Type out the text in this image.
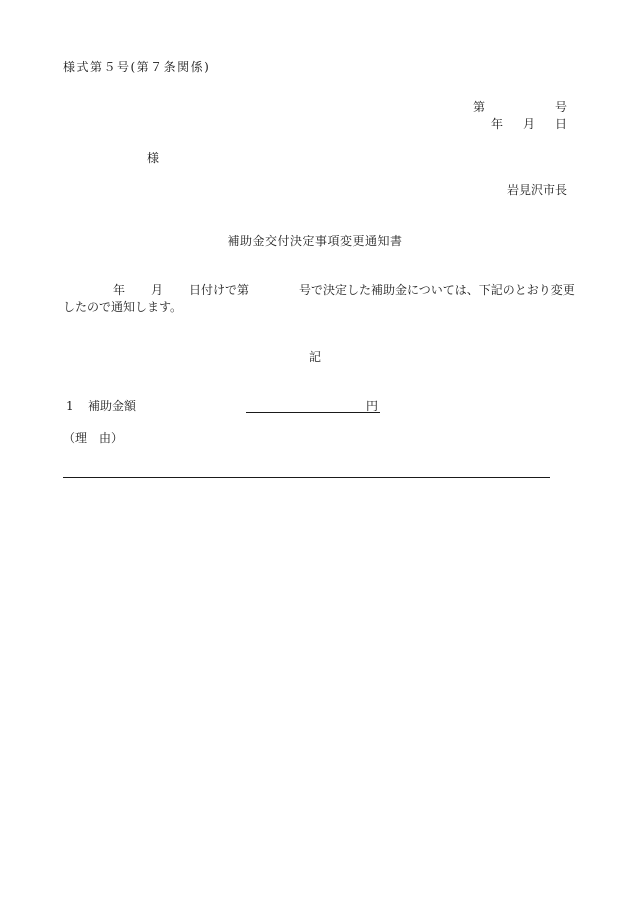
様式第５号(第７条関係)
第	号
年 月 日
様
岩見沢市長
補助金交付決定事項変更通知書
年 月 日付けで第	号で決定した補助金については、下記のとおり変更
したので通知します。
記
1 補助金額	円
（理　由）
